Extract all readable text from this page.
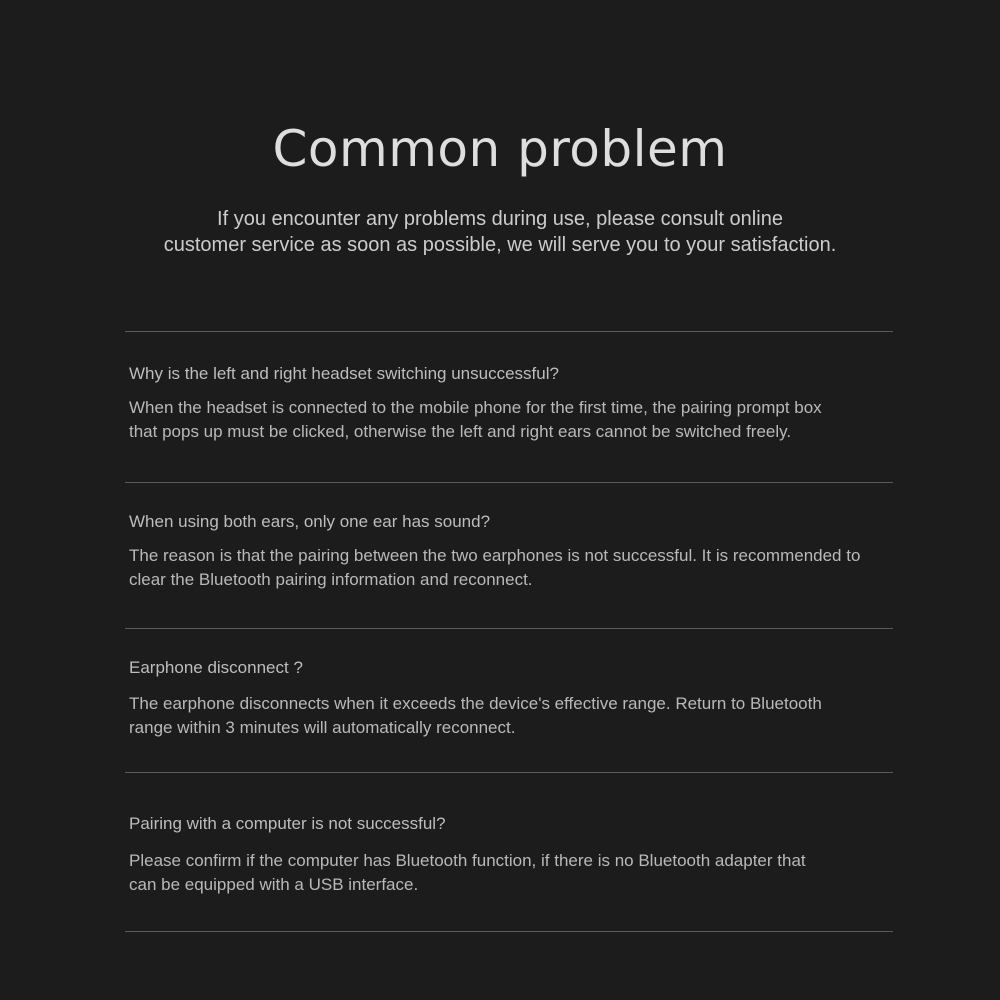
Common problem

If you encounter any problems during use, please consult online
customer service as soon as possible, we will serve you to your satisfaction.

Why is the left and right headset switching unsuccessful?

When the headset is connected to the mobile phone for the first time, the pairing prompt box
that pops up must be clicked, otherwise the left and right ears cannot be switched freely.

When using both ears, only one ear has sound?

The reason is that the pairing between the two earphones is not successful. It is recommended to
clear the Bluetooth pairing information and reconnect.

Earphone disconnect ?

The earphone disconnects when it exceeds the device's effective range. Return to Bluetooth
range within 3 minutes will automatically reconnect.

Pairing with a computer is not successful?

Please confirm if the computer has Bluetooth function, if there is no Bluetooth adapter that
can be equipped with a USB interface.
